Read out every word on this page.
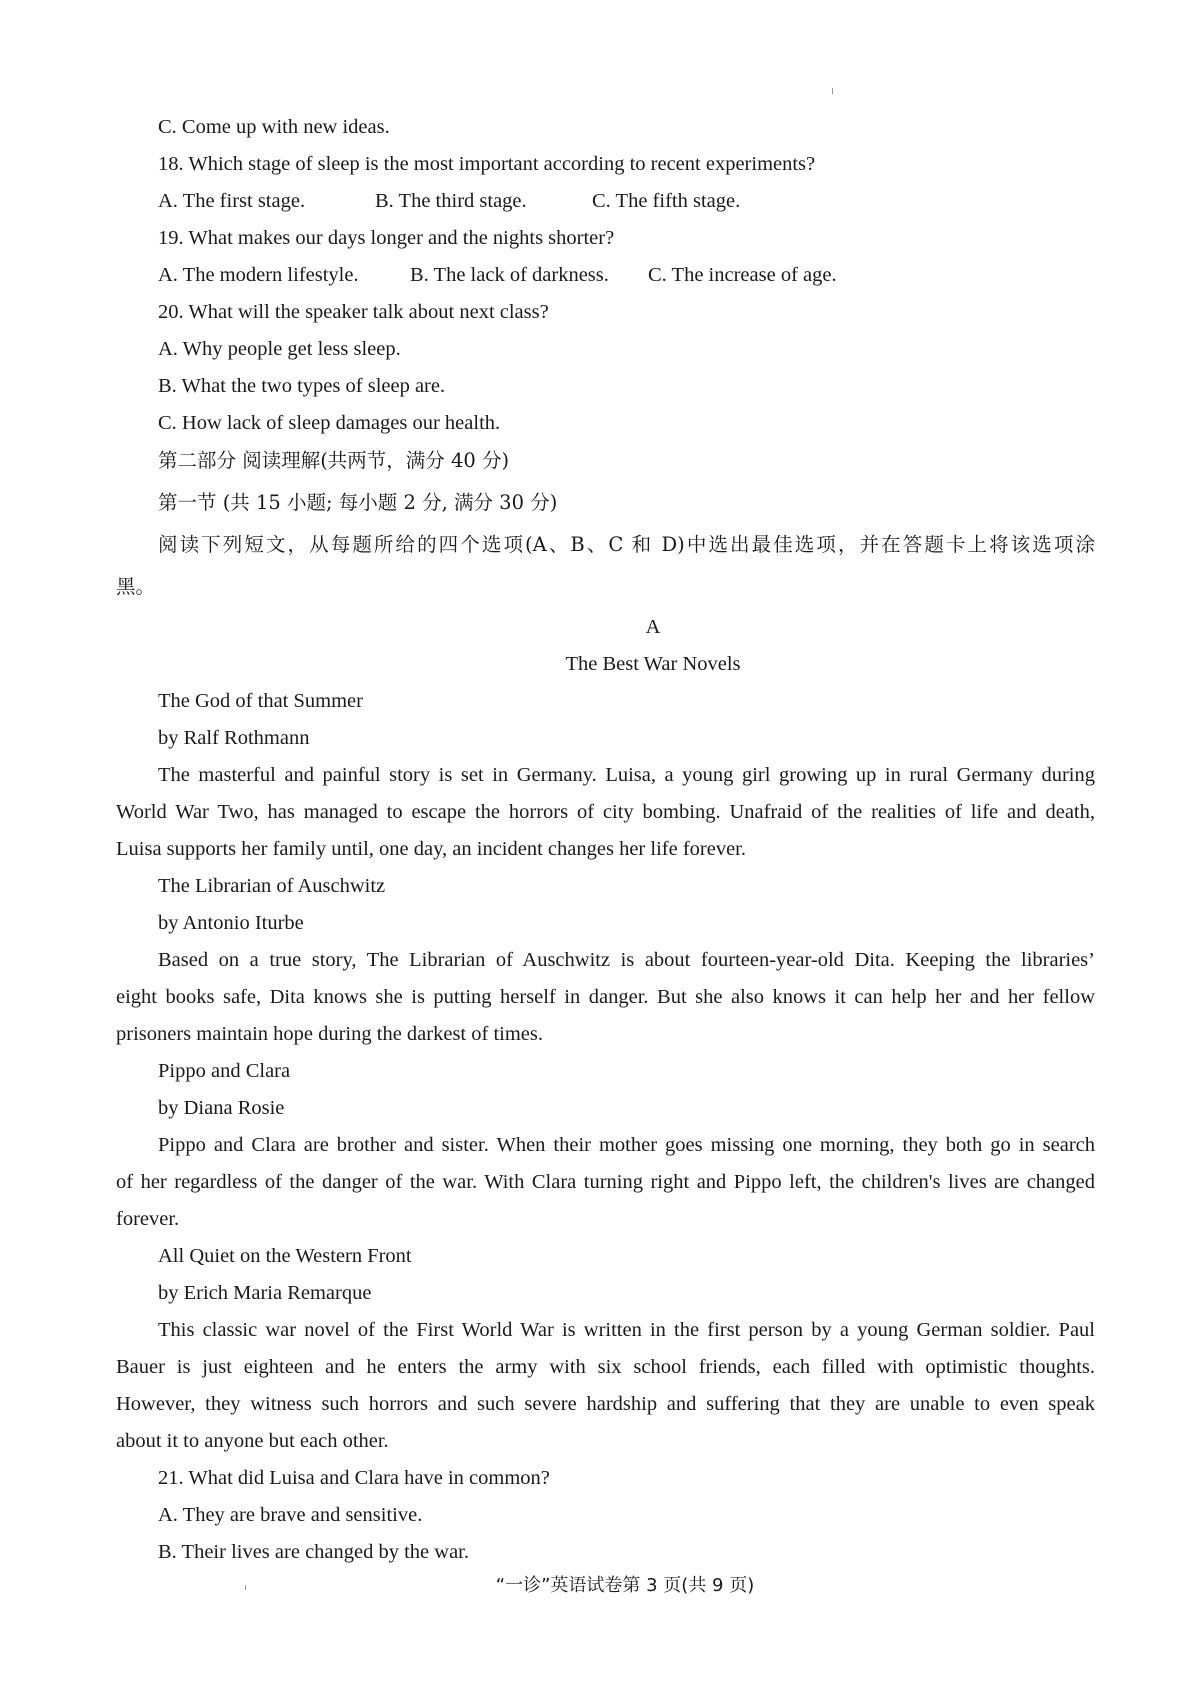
C. Come up with new ideas.
18. Which stage of sleep is the most important according to recent experiments?
A. The first stage.	B. The third stage.	C. The fifth stage.
19. What makes our days longer and the nights shorter?
A. The modern lifestyle.	B. The lack of darkness. C. The increase of age.
20. What will the speaker talk about next class?
A. Why people get less sleep.
B. What the two types of sleep are.
C. How lack of sleep damages our health.
第二部分 阅读理解(共两节，满分 40 分)
第一节 (共 15 小题; 每小题 2 分, 满分 30 分)
阅读下列短文，从每题所给的四个选项(A、B、C 和 D)中选出最佳选项，并在答题卡上将该选项涂
黑。
A
The Best War Novels
The God of that Summer
by Ralf Rothmann
The masterful and painful story is set in Germany. Luisa, a young girl growing up in rural Germany during
World War Two, has managed to escape the horrors of city bombing. Unafraid of the realities of life and death,
Luisa supports her family until, one day, an incident changes her life forever.
The Librarian of Auschwitz
by Antonio Iturbe
Based on a true story, The Librarian of Auschwitz is about fourteen-year-old Dita. Keeping the libraries’
eight books safe, Dita knows she is putting herself in danger. But she also knows it can help her and her fellow
prisoners maintain hope during the darkest of times.
Pippo and Clara
by Diana Rosie
Pippo and Clara are brother and sister. When their mother goes missing one morning, they both go in search
of her regardless of the danger of the war. With Clara turning right and Pippo left, the children's lives are changed
forever.
All Quiet on the Western Front
by Erich Maria Remarque
This classic war novel of the First World War is written in the first person by a young German soldier. Paul
Bauer is just eighteen and he enters the army with six school friends, each filled with optimistic thoughts.
However, they witness such horrors and such severe hardship and suffering that they are unable to even speak
about it to anyone but each other.
21. What did Luisa and Clara have in common?
A. They are brave and sensitive.
B. Their lives are changed by the war.
“一诊”英语试卷第 3 页(共 9 页)
